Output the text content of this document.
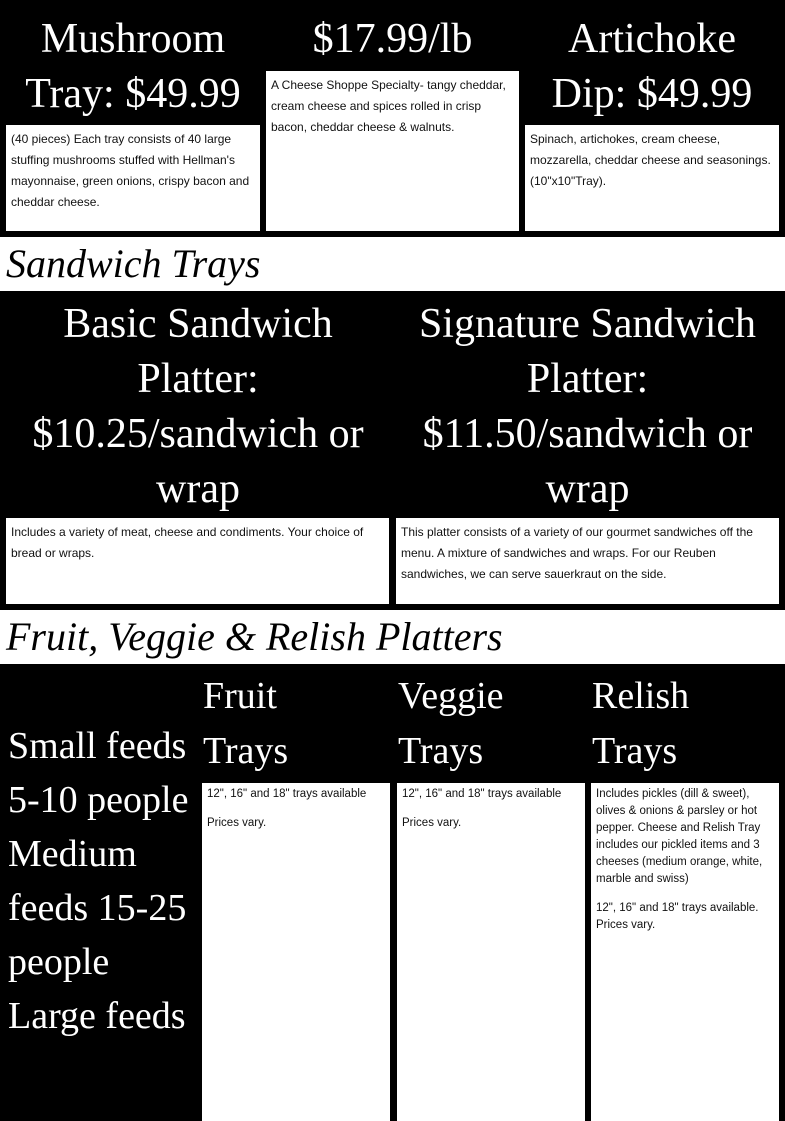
Mushroom
Tray: $49.99
(40 pieces) Each tray consists of 40 large stuffing mushrooms stuffed with Hellman's mayonnaise, green onions, crispy bacon and cheddar cheese.
$17.99/lb
A Cheese Shoppe Specialty- tangy cheddar, cream cheese and spices rolled in crisp bacon, cheddar cheese & walnuts.
Artichoke
Dip: $49.99
Spinach, artichokes, cream cheese, mozzarella, cheddar cheese and seasonings. (10"x10"Tray).
Sandwich Trays
Basic Sandwich Platter: $10.25/sandwich or wrap
Includes a variety of meat, cheese and condiments. Your choice of bread or wraps.
Signature Sandwich Platter: $11.50/sandwich or wrap
This platter consists of a variety of our gourmet sandwiches off the menu. A mixture of sandwiches and wraps. For our Reuben sandwiches, we can serve sauerkraut on the side.
Fruit, Veggie & Relish Platters
Small feeds 5-10 people
Medium feeds 15-25 people
Large feeds
Fruit Trays

12", 16" and 18" trays available

Prices vary.

Veggie Trays

12", 16" and 18" trays available

Prices vary.

Relish Trays

Includes pickles (dill & sweet), olives & onions & parsley or hot pepper. Cheese and Relish Tray includes our pickled items and 3 cheeses (medium orange, white, marble and swiss)

12", 16" and 18" trays available. Prices vary.
